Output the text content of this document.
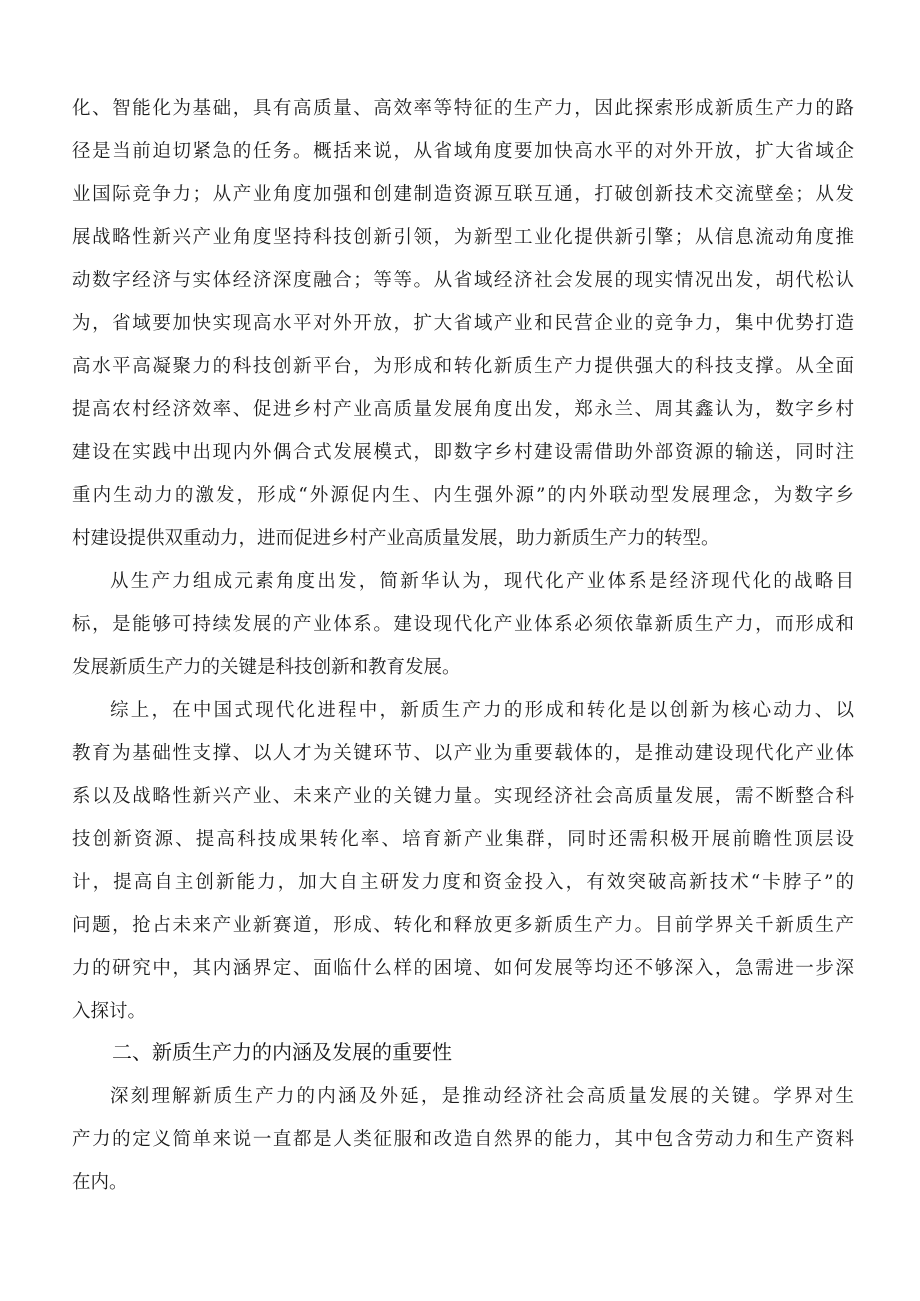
化、智能化为基础，具有高质量、高效率等特征的生产力，因此探索形成新质生产力的路

径是当前迫切紧急的任务。概括来说，从省域角度要加快高水平的对外开放，扩大省域企

业国际竞争力；从产业角度加强和创建制造资源互联互通，打破创新技术交流壁垒；从发

展战略性新兴产业角度坚持科技创新引领，为新型工业化提供新引擎；从信息流动角度推

动数字经济与实体经济深度融合；等等。从省域经济社会发展的现实情况出发，胡代松认

为，省域要加快实现高水平对外开放，扩大省域产业和民营企业的竞争力，集中优势打造

高水平高凝聚力的科技创新平台，为形成和转化新质生产力提供强大的科技支撑。从全面

提高农村经济效率、促进乡村产业高质量发展角度出发，郑永兰、周其鑫认为，数字乡村

建设在实践中出现内外偶合式发展模式，即数字乡村建设需借助外部资源的输送，同时注

重内生动力的激发，形成“外源促内生、内生强外源”的内外联动型发展理念，为数字乡

村建设提供双重动力，进而促进乡村产业高质量发展，助力新质生产力的转型。

从生产力组成元素角度出发，简新华认为，现代化产业体系是经济现代化的战略目

标，是能够可持续发展的产业体系。建设现代化产业体系必须依靠新质生产力，而形成和

发展新质生产力的关键是科技创新和教育发展。

综上，在中国式现代化进程中，新质生产力的形成和转化是以创新为核心动力、以

教育为基础性支撑、以人才为关键环节、以产业为重要载体的，是推动建设现代化产业体

系以及战略性新兴产业、未来产业的关键力量。实现经济社会高质量发展，需不断整合科

技创新资源、提高科技成果转化率、培育新产业集群，同时还需积极开展前瞻性顶层设

计，提高自主创新能力，加大自主研发力度和资金投入，有效突破高新技术“卡脖子”的

问题，抢占未来产业新赛道，形成、转化和释放更多新质生产力。目前学界关千新质生产

力的研究中，其内涵界定、面临什么样的困境、如何发展等均还不够深入，急需进一步深

入探讨。

二、新质生产力的内涵及发展的重要性

深刻理解新质生产力的内涵及外延，是推动经济社会高质量发展的关键。学界对生

产力的定义简单来说一直都是人类征服和改造自然界的能力，其中包含劳动力和生产资料

在内。
